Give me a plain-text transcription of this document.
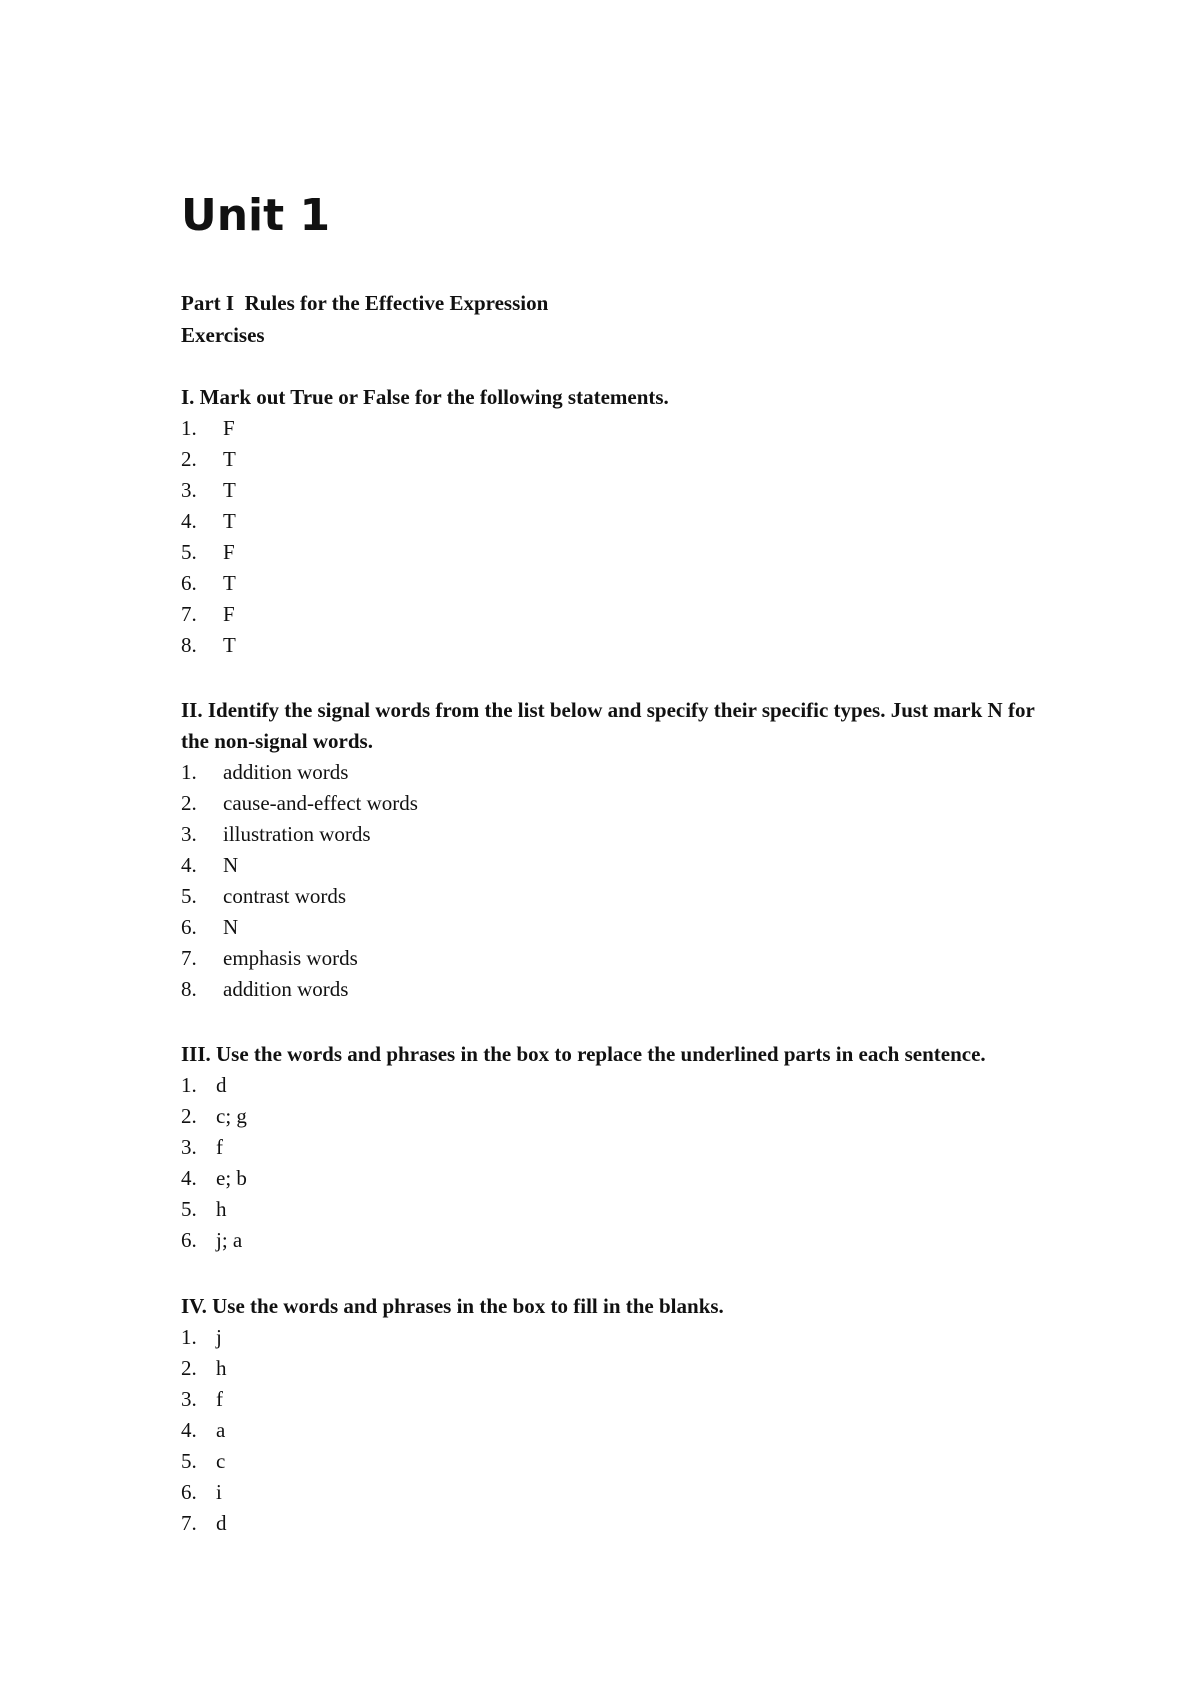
Unit 1
Part I  Rules for the Effective Expression
Exercises

I. Mark out True or False for the following statements.

1. F
2. T
3. T
4. T
5. F
6. T
7. F
8. T

II. Identify the signal words from the list below and specify their specific types. Just mark N for the non-signal words.

1. addition words
2. cause-and-effect words
3. illustration words
4. N
5. contrast words
6. N
7. emphasis words
8. addition words

III. Use the words and phrases in the box to replace the underlined parts in each sentence.

1. d
2. c; g
3. f
4. e; b
5. h
6. j; a

IV. Use the words and phrases in the box to fill in the blanks.

1. j
2. h
3. f
4. a
5. c
6. i
7. d
